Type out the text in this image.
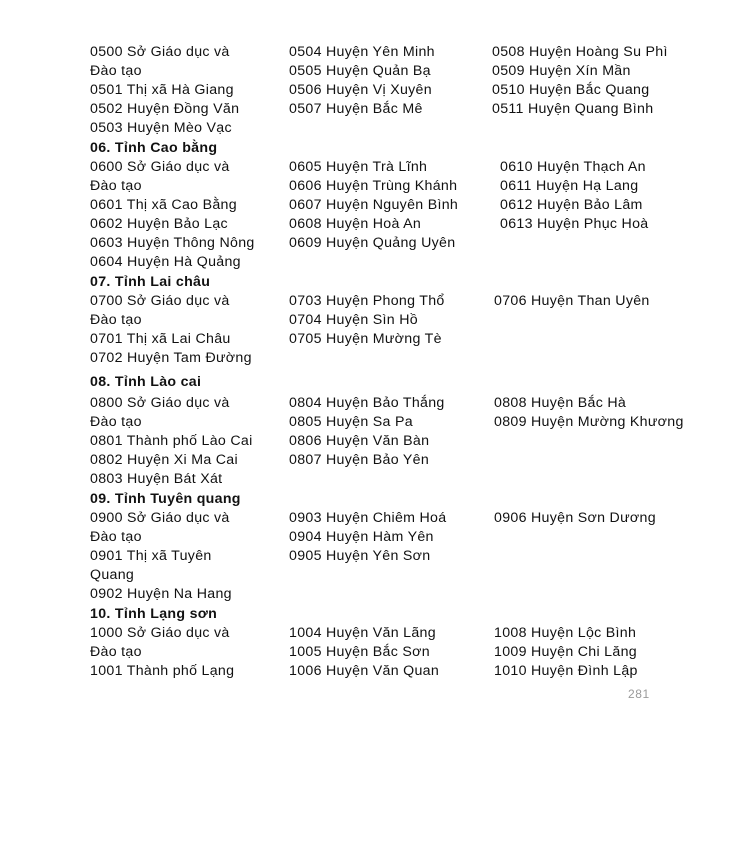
0500 Sở Giáo dục và
Đào tạo
0501 Thị xã Hà Giang
0502 Huyện Đồng Văn
0503 Huyện Mèo Vạc
0504 Huyện Yên Minh
0505 Huyện Quản Bạ
0506 Huyện Vị Xuyên
0507 Huyện Bắc Mê
0508 Huyện Hoàng Su Phì
0509 Huyện Xín Mần
0510 Huyện Bắc Quang
0511 Huyện Quang Bình
06. Tỉnh Cao bằng
0600 Sở Giáo dục và
Đào tạo
0601 Thị xã Cao Bằng
0602 Huyện Bảo Lạc
0603 Huyện Thông Nông
0604 Huyện Hà Quảng
0605 Huyện Trà Lĩnh
0606 Huyện Trùng Khánh
0607 Huyện Nguyên Bình
0608 Huyện Hoà An
0609 Huyện Quảng Uyên
0610 Huyện Thạch An
0611 Huyện Hạ Lang
0612 Huyện Bảo Lâm
0613 Huyện Phục Hoà
07. Tỉnh Lai châu
0700 Sở Giáo dục và
Đào tạo
0701 Thị xã Lai Châu
0702 Huyện Tam Đường
0703 Huyện Phong Thổ
0704 Huyện Sìn Hồ
0705 Huyện Mường Tè
0706 Huyện Than Uyên
08. Tỉnh Lào cai
0800 Sở Giáo dục và
Đào tạo
0801 Thành phố Lào Cai
0802 Huyện Xi Ma Cai
0803 Huyện Bát Xát
0804 Huyện Bảo Thắng
0805 Huyện Sa Pa
0806 Huyện Văn Bàn
0807 Huyện Bảo Yên
0808 Huyện Bắc Hà
0809 Huyện Mường Khương
09. Tỉnh Tuyên quang
0900 Sở Giáo dục và
Đào tạo
0901 Thị xã Tuyên
Quang
0902 Huyện Na Hang
0903 Huyện Chiêm Hoá
0904 Huyện Hàm Yên
0905 Huyện Yên Sơn
0906 Huyện Sơn Dương
10. Tỉnh Lạng sơn
1000 Sở Giáo dục và
Đào tạo
1001 Thành phố Lạng
1004 Huyện Văn Lãng
1005 Huyện Bắc Sơn
1006 Huyện Văn Quan
1008 Huyện Lộc Bình
1009 Huyện Chi Lăng
1010 Huyện Đình Lập
281
